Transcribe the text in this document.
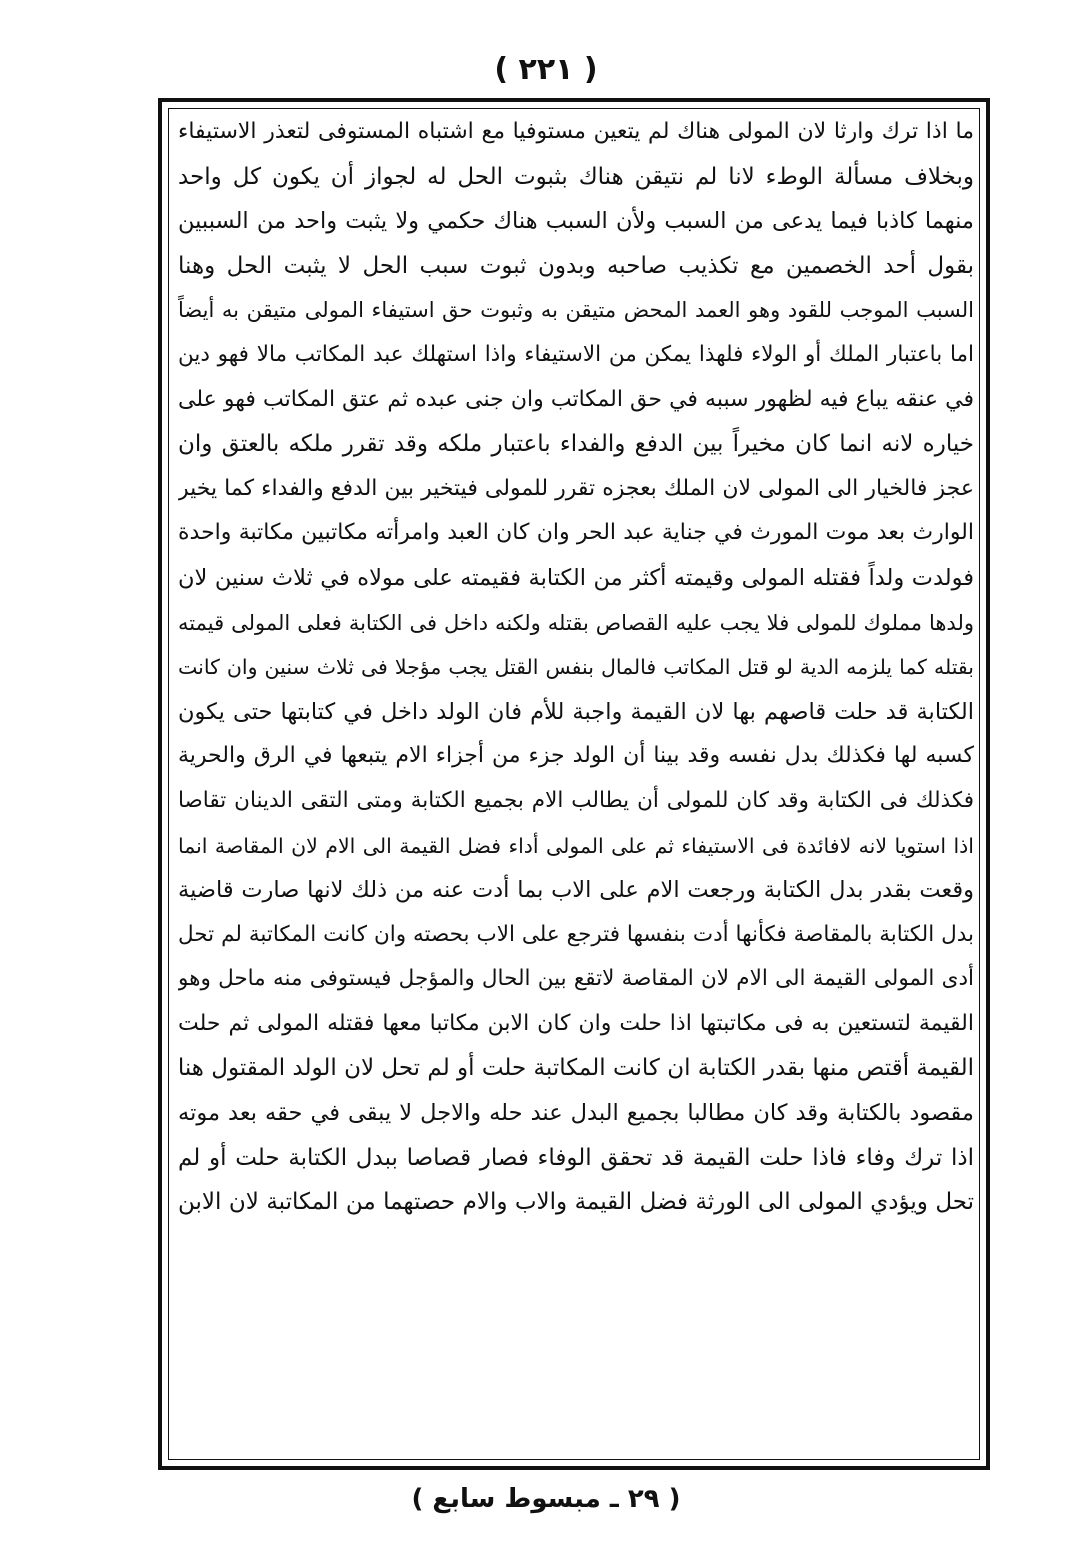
( ٢٢١ )
ما اذا ترك وارثا لان المولى هناك لم يتعين مستوفيا مع اشتباه المستوفى لتعذر الاستيفاء
وبخلاف مسألة الوطء لانا لم نتيقن هناك بثبوت الحل له لجواز أن يكون كل واحد
منهما كاذبا فيما يدعى من السبب ولأن السبب هناك حكمي ولا يثبت واحد من السببين
بقول أحد الخصمين مع تكذيب صاحبه وبدون ثبوت سبب الحل لا يثبت الحل وهنا
السبب الموجب للقود وهو العمد المحض متيقن به وثبوت حق استيفاء المولى متيقن به أيضاً
اما باعتبار الملك أو الولاء فلهذا يمكن من الاستيفاء واذا استهلك عبد المكاتب مالا فهو دين
في عنقه يباع فيه لظهور سببه في حق المكاتب وان جنى عبده ثم عتق المكاتب فهو على
خياره لانه انما كان مخيراً بين الدفع والفداء باعتبار ملكه وقد تقرر ملكه بالعتق وان
عجز فالخيار الى المولى لان الملك بعجزه تقرر للمولى فيتخير بين الدفع والفداء كما يخير
الوارث بعد موت المورث في جناية عبد الحر وان كان العبد وامرأته مكاتبين مكاتبة واحدة
فولدت ولداً فقتله المولى وقيمته أكثر من الكتابة فقيمته على مولاه في ثلاث سنين لان
ولدها مملوك للمولى فلا يجب عليه القصاص بقتله ولكنه داخل فى الكتابة فعلى المولى قيمته
بقتله كما يلزمه الدية لو قتل المكاتب فالمال بنفس القتل يجب مؤجلا فى ثلاث سنين وان كانت
الكتابة قد حلت قاصهم بها لان القيمة واجبة للأم فان الولد داخل في كتابتها حتى يكون
كسبه لها فكذلك بدل نفسه وقد بينا أن الولد جزء من أجزاء الام يتبعها في الرق والحرية
فكذلك فى الكتابة وقد كان للمولى أن يطالب الام بجميع الكتابة ومتى التقى الدينان تقاصا
اذا استويا لانه لافائدة فى الاستيفاء ثم على المولى أداء فضل القيمة الى الام لان المقاصة انما
وقعت بقدر بدل الكتابة ورجعت الام على الاب بما أدت عنه من ذلك لانها صارت قاضية
بدل الكتابة بالمقاصة فكأنها أدت بنفسها فترجع على الاب بحصته وان كانت المكاتبة لم تحل
أدى المولى القيمة الى الام لان المقاصة لاتقع بين الحال والمؤجل فيستوفى منه ماحل وهو
القيمة لتستعين به فى مكاتبتها اذا حلت وان كان الابن مكاتبا معها فقتله المولى ثم حلت
القيمة أقتص منها بقدر الكتابة ان كانت المكاتبة حلت أو لم تحل لان الولد المقتول هنا
مقصود بالكتابة وقد كان مطالبا بجميع البدل عند حله والاجل لا يبقى في حقه بعد موته
اذا ترك وفاء فاذا حلت القيمة قد تحقق الوفاء فصار قصاصا ببدل الكتابة حلت أو لم
تحل ويؤدي المولى الى الورثة فضل القيمة والاب والام حصتهما من المكاتبة لان الابن
( ٢٩ ـ مبسوط سابع )
